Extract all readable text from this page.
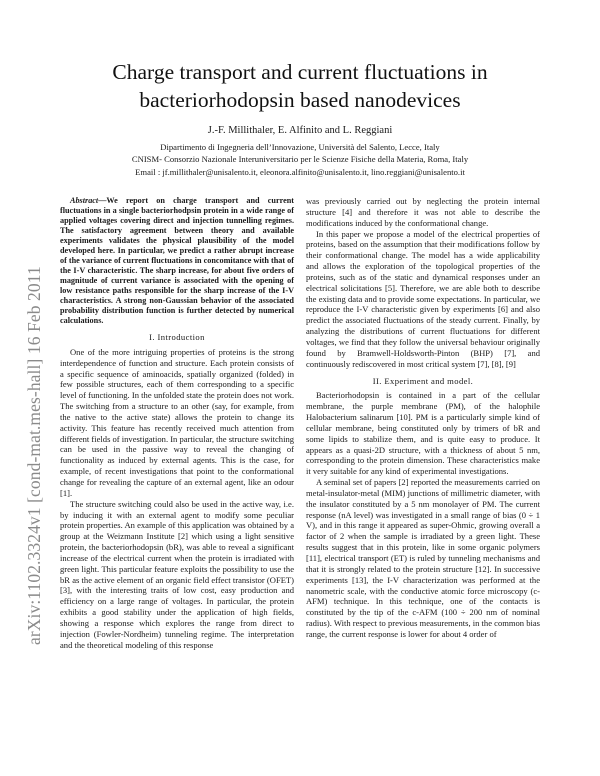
arXiv:1102.3324v1 [cond-mat.mes-hall] 16 Feb 2011
Charge transport and current fluctuations in
bacteriorhodopsin based nanodevices
J.-F. Millithaler, E. Alfinito and L. Reggiani
Dipartimento di Ingegneria dell’Innovazione, Università del Salento, Lecce, Italy
CNISM- Consorzio Nazionale Interuniversitario per le Scienze Fisiche della Materia, Roma, Italy
Email : jf.millithaler@unisalento.it, eleonora.alfinito@unisalento.it, lino.reggiani@unisalento.it

Abstract—We report on charge transport and current fluctuations in a single bacteriorhodpsin protein in a wide range of applied voltages covering direct and injection tunnelling regimes. The satisfactory agreement between theory and available experiments validates the physical plausibility of the model developed here. In particular, we predict a rather abrupt increase of the variance of current fluctuations in concomitance with that of the I-V characteristic. The sharp increase, for about five orders of magnitude of current variance is associated with the opening of low resistance paths responsible for the sharp increase of the I-V characteristics. A strong non-Gaussian behavior of the associated probability distribution function is further detected by numerical calculations.

I. Introduction

One of the more intriguing properties of proteins is the strong interdependence of function and structure. Each protein consists of a specific sequence of aminoacids, spatially organized (folded) in few possible structures, each of them corresponding to a specific level of functioning. In the unfolded state the protein does not work. The switching from a structure to an other (say, for example, from the native to the active state) allows the protein to change its activity. This feature has recently received much attention from different fields of investigation. In particular, the structure switching can be used in the passive way to reveal the changing of functionality as induced by external agents. This is the case, for example, of recent investigations that point to the conformational change for revealing the capture of an external agent, like an odour [1].

The structure switching could also be used in the active way, i.e. by inducing it with an external agent to modify some peculiar protein properties. An example of this application was obtained by a group at the Weizmann Institute [2] which using a light sensitive protein, the bacteriorhodopsin (bR), was able to reveal a significant increase of the electrical current when the protein is irradiated with green light. This particular feature exploits the possibility to use the bR as the active element of an organic field effect transistor (OFET) [3], with the interesting traits of low cost, easy production and efficiency on a large range of voltages. In particular, the protein exhibits a good stability under the application of high fields, showing a response which explores the range from direct to injection (Fowler-Nordheim) tunneling regime. The interpretation and the theoretical modeling of this response

was previously carried out by neglecting the protein internal structure [4] and therefore it was not able to describe the modifications induced by the conformational change.

In this paper we propose a model of the electrical properties of proteins, based on the assumption that their modifications follow by their conformational change. The model has a wide applicability and allows the exploration of the topological properties of the proteins, such as of the static and dynamical responses under an electrical solicitations [5]. Therefore, we are able both to describe the existing data and to provide some expectations. In particular, we reproduce the I-V characteristic given by experiments [6] and also predict the associated fluctuations of the steady current. Finally, by analyzing the distributions of current fluctuations for different voltages, we find that they follow the universal behaviour originally found by Bramwell-Holdsworth-Pinton (BHP) [7], and continuously rediscovered in most critical system [7], [8], [9]

II. Experiment and model.

Bacteriorhodopsin is contained in a part of the cellular membrane, the purple membrane (PM), of the halophile Halobacterium salinarum [10]. PM is a particularly simple kind of cellular membrane, being constituted only by trimers of bR and some lipids to stabilize them, and is quite easy to produce. It appears as a quasi-2D structure, with a thickness of about 5 nm, corresponding to the protein dimension. These characteristics make it very suitable for any kind of experimental investigations.

A seminal set of papers [2] reported the measurements carried on metal-insulator-metal (MIM) junctions of millimetric diameter, with the insulator constituted by a 5 nm monolayer of PM. The current response (nA level) was investigated in a small range of bias (0 ÷ 1 V), and in this range it appeared as super-Ohmic, growing overall a factor of 2 when the sample is irradiated by a green light. These results suggest that in this protein, like in some organic polymers [11], electrical transport (ET) is ruled by tunneling mechanisms and that it is strongly related to the protein structure [12]. In successive experiments [13], the I-V characterization was performed at the nanometric scale, with the conductive atomic force microscopy (c-AFM) technique. In this technique, one of the contacts is constituted by the tip of the c-AFM (100 ÷ 200 nm of nominal radius). With respect to previous measurements, in the common bias range, the current response is lower for about 4 order of
